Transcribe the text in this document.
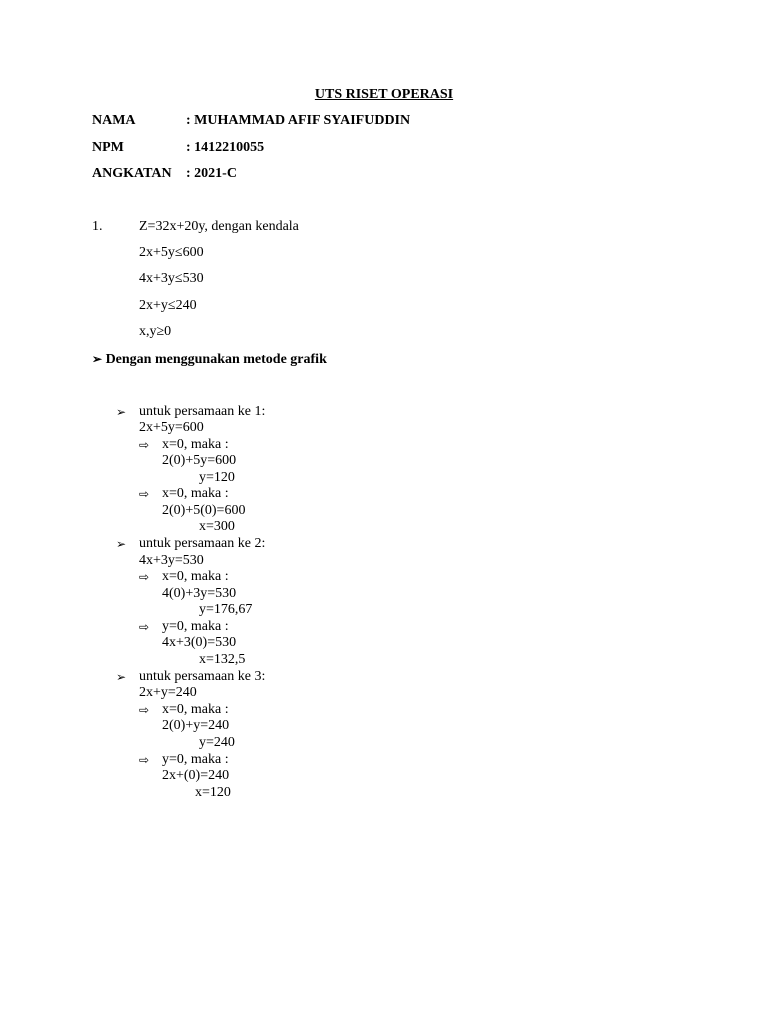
UTS RISET OPERASI
NAMA	: MUHAMMAD AFIF SYAIFUDDIN
NPM	: 1412210055
ANGKATAN : 2021-C
1.	Z=32x+20y, dengan kendala
2x+5y≤600
4x+3y≤530
2x+y≤240
x,y≥0
➢ Dengan menggunakan metode grafik
➢ untuk persamaan ke 1:
2x+5y=600
⇨ x=0, maka :
2(0)+5y=600
y=120
⇨ x=0, maka :
2(0)+5(0)=600
x=300
➢ untuk persamaan ke 2:
4x+3y=530
⇨ x=0, maka :
4(0)+3y=530
y=176,67
⇨ y=0, maka :
4x+3(0)=530
x=132,5
➢ untuk persamaan ke 3:
2x+y=240
⇨ x=0, maka :
2(0)+y=240
y=240
⇨ y=0, maka :
2x+(0)=240
x=120
